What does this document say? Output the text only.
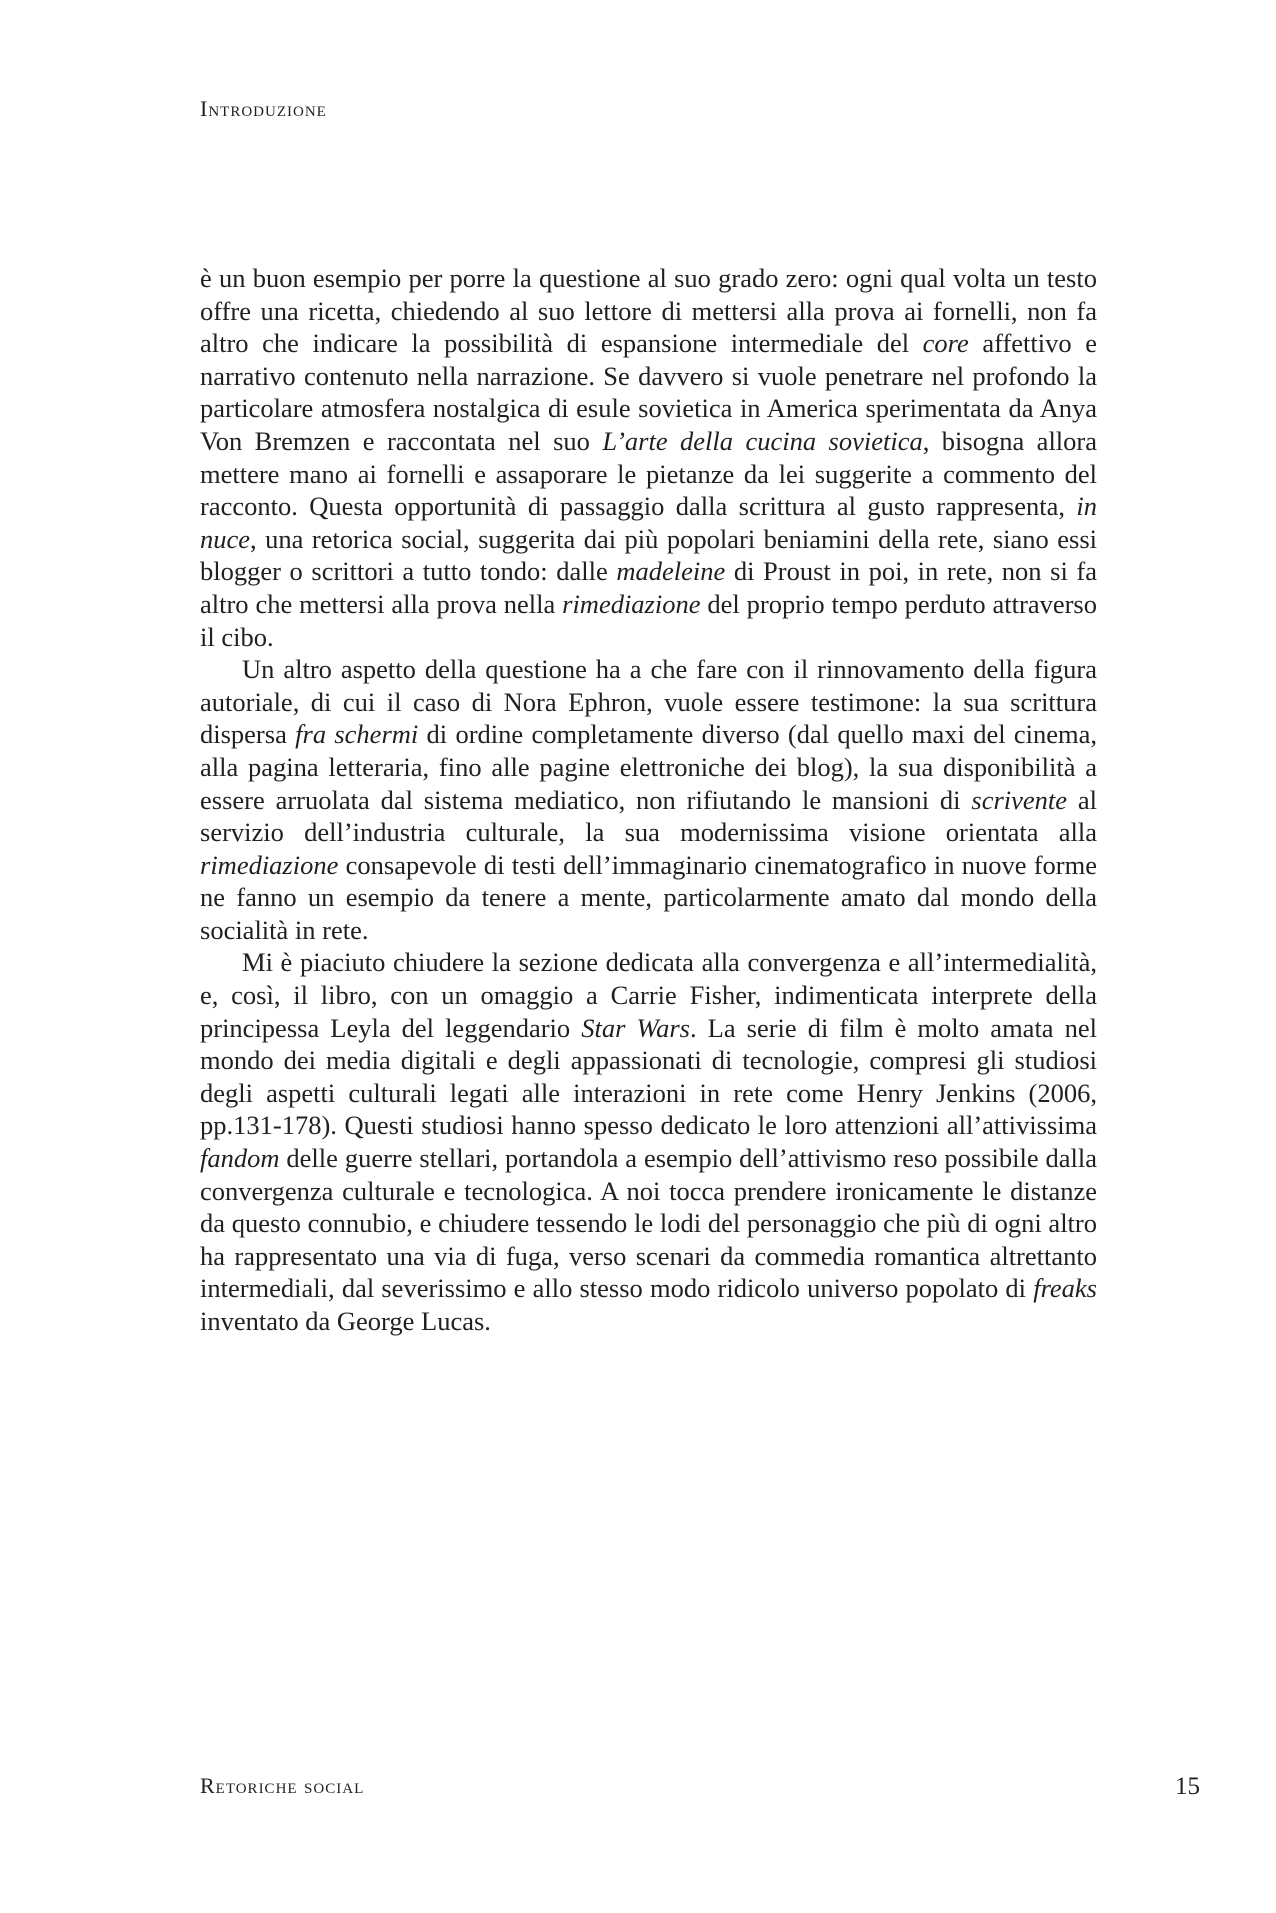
Introduzione

è un buon esempio per porre la questione al suo grado zero: ogni qual volta un testo offre una ricetta, chiedendo al suo lettore di mettersi alla prova ai fornelli, non fa altro che indicare la possibilità di espansione intermediale del core affettivo e narrativo contenuto nella narrazione. Se davvero si vuole penetrare nel profondo la particolare atmosfera nostalgica di esule sovietica in America sperimentata da Anya Von Bremzen e raccontata nel suo L’arte della cucina sovietica, bisogna allora mettere mano ai fornelli e assaporare le pietanze da lei suggerite a commento del racconto. Questa opportunità di passaggio dalla scrittura al gusto rappresenta, in nuce, una retorica social, suggerita dai più popolari beniamini della rete, siano essi blogger o scrittori a tutto tondo: dalle madeleine di Proust in poi, in rete, non si fa altro che mettersi alla prova nella rimediazione del proprio tempo perduto attraverso il cibo.

Un altro aspetto della questione ha a che fare con il rinnovamento della figura autoriale, di cui il caso di Nora Ephron, vuole essere testimone: la sua scrittura dispersa fra schermi di ordine completamente diverso (dal quello maxi del cinema, alla pagina letteraria, fino alle pagine elettroniche dei blog), la sua disponibilità a essere arruolata dal sistema mediatico, non rifiutando le mansioni di scrivente al servizio dell’industria culturale, la sua modernissima visione orientata alla rimediazione consapevole di testi dell’immaginario cinematografico in nuove forme ne fanno un esempio da tenere a mente, particolarmente amato dal mondo della socialità in rete.

Mi è piaciuto chiudere la sezione dedicata alla convergenza e all’intermedialità, e, così, il libro, con un omaggio a Carrie Fisher, indimenticata interprete della principessa Leyla del leggendario Star Wars. La serie di film è molto amata nel mondo dei media digitali e degli appassionati di tecnologie, compresi gli studiosi degli aspetti culturali legati alle interazioni in rete come Henry Jenkins (2006, pp.131-178). Questi studiosi hanno spesso dedicato le loro attenzioni all’attivissima fandom delle guerre stellari, portandola a esempio dell’attivismo reso possibile dalla convergenza culturale e tecnologica. A noi tocca prendere ironicamente le distanze da questo connubio, e chiudere tessendo le lodi del personaggio che più di ogni altro ha rappresentato una via di fuga, verso scenari da commedia romantica altrettanto intermediali, dal severissimo e allo stesso modo ridicolo universo popolato di freaks inventato da George Lucas.

Retoriche social	15
